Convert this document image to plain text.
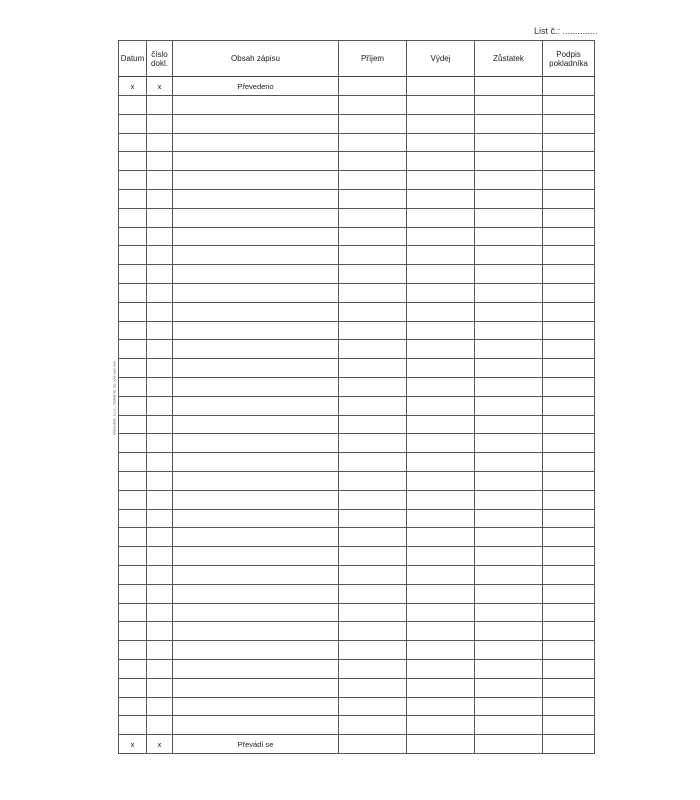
List č.: ..............
Baloušek, s.r.o., Tiskárna, tel. xxx xxx xxx
Datum	číslo dokl.	Obsah zápisu	Příjem	Výdej	Zůstatek	Podpis pokladníka
x	x	Převedeno				

x	x	Převádí se				
